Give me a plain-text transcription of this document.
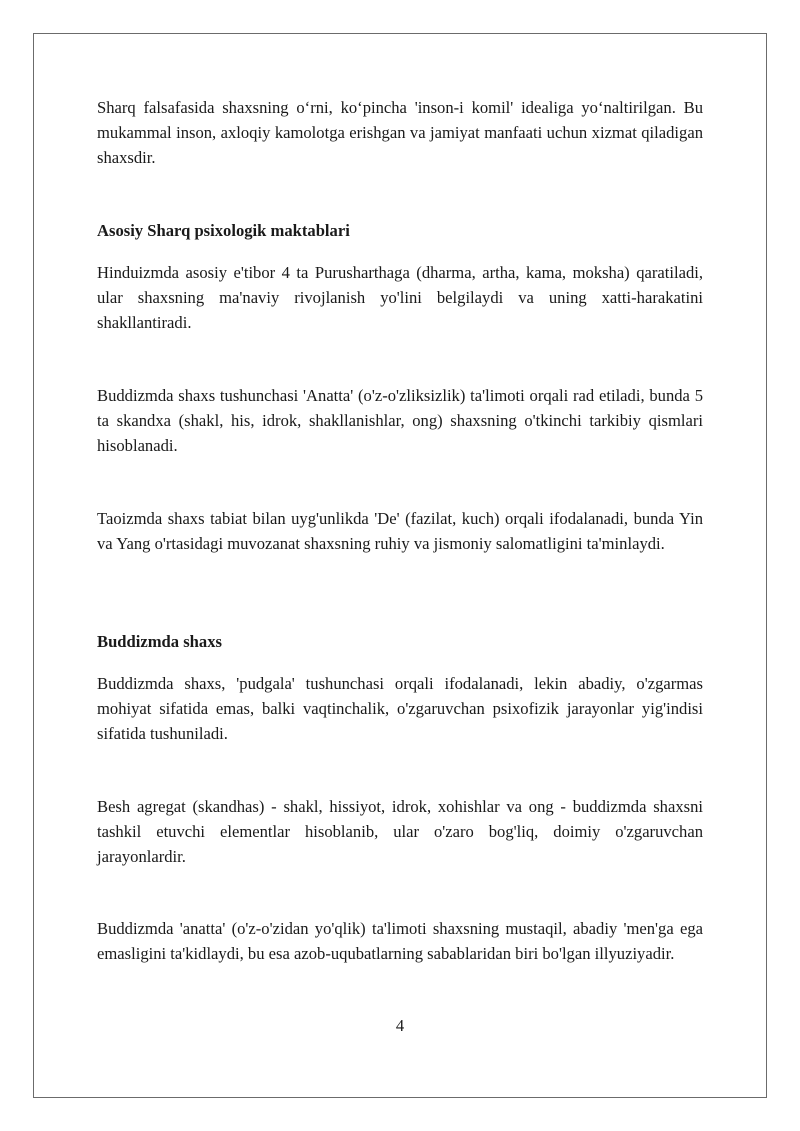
Sharq falsafasida shaxsning o‘rni, ko‘pincha 'inson-i komil' idealiga yo‘naltirilgan. Bu mukammal inson, axloqiy kamolotga erishgan va jamiyat manfaati uchun xizmat qiladigan shaxsdir.

Asosiy Sharq psixologik maktablari

Hinduizmda asosiy e'tibor 4 ta Purusharthaga (dharma, artha, kama, moksha) qaratiladi, ular shaxsning ma'naviy rivojlanish yo'lini belgilaydi va uning xatti-harakatini shakllantiradi.

Buddizmda shaxs tushunchasi 'Anatta' (o'z-o'zliksizlik) ta'limoti orqali rad etiladi, bunda 5 ta skandxa (shakl, his, idrok, shakllanishlar, ong) shaxsning o'tkinchi tarkibiy qismlari hisoblanadi.

Taoizmda shaxs tabiat bilan uyg'unlikda 'De' (fazilat, kuch) orqali ifodalanadi, bunda Yin va Yang o'rtasidagi muvozanat shaxsning ruhiy va jismoniy salomatligini ta'minlaydi.

Buddizmda shaxs

Buddizmda shaxs, 'pudgala' tushunchasi orqali ifodalanadi, lekin abadiy, o'zgarmas mohiyat sifatida emas, balki vaqtinchalik, o'zgaruvchan psixofizik jarayonlar yig'indisi sifatida tushuniladi.

Besh agregat (skandhas) - shakl, hissiyot, idrok, xohishlar va ong - buddizmda shaxsni tashkil etuvchi elementlar hisoblanib, ular o'zaro bog'liq, doimiy o'zgaruvchan jarayonlardir.

Buddizmda 'anatta' (o'z-o'zidan yo'qlik) ta'limoti shaxsning mustaqil, abadiy 'men'ga ega emasligini ta'kidlaydi, bu esa azob-uqubatlarning sabablaridan biri bo'lgan illyuziyadir.

4
